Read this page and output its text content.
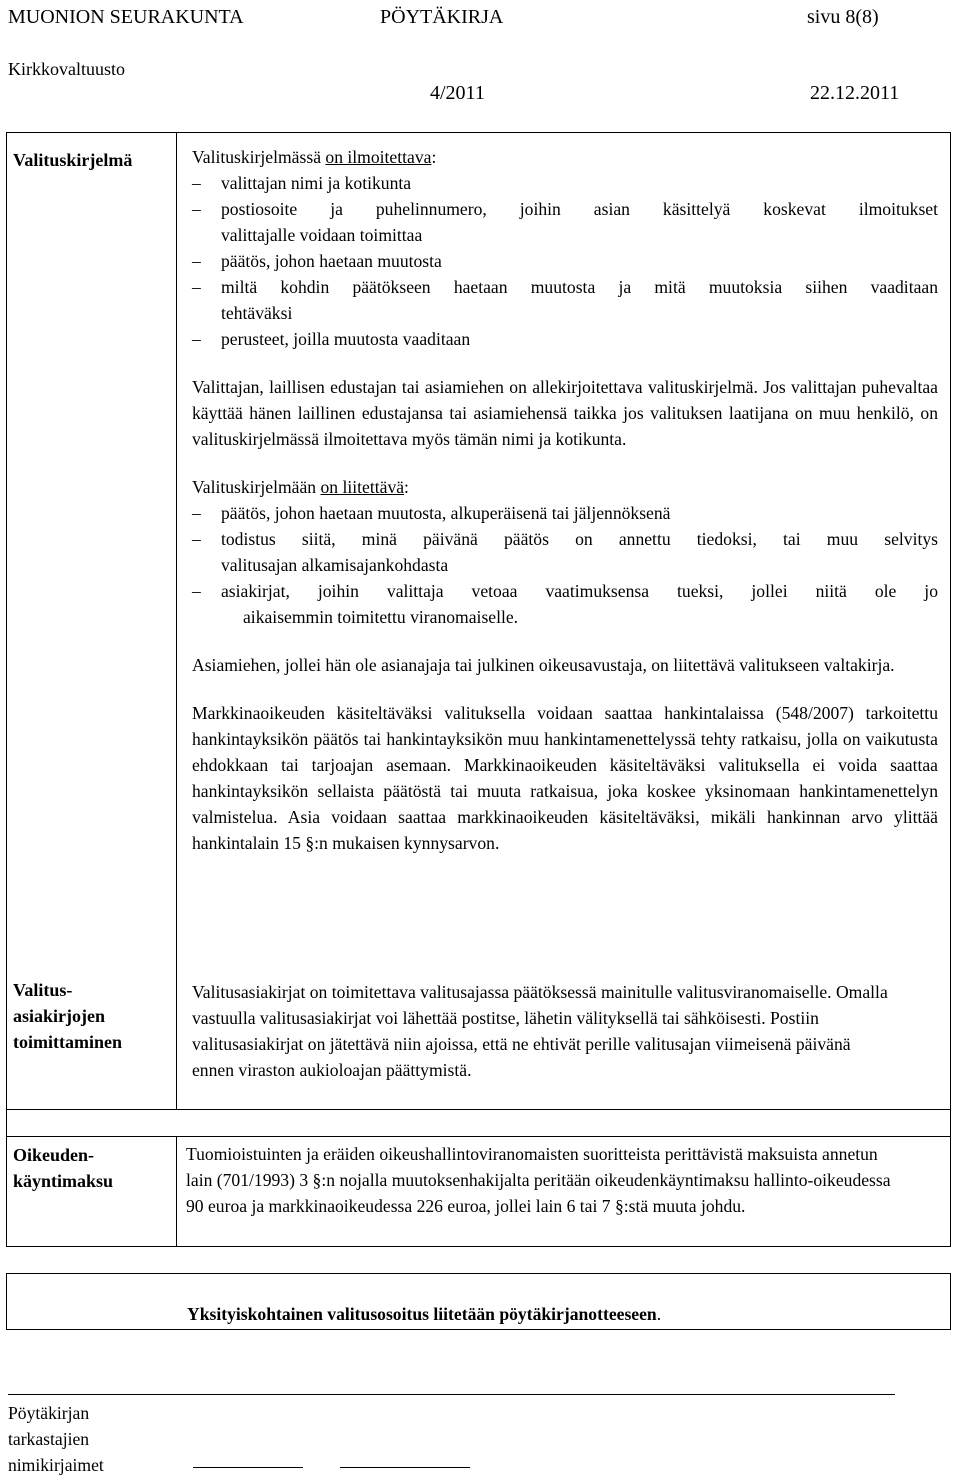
MUONION SEURAKUNTA	PÖYTÄKIRJA	sivu 8(8)
Kirkkovaltuusto
4/2011	22.12.2011
Valituskirjelmä	Valituskirjelmässä on ilmoitettava:
– valittajan nimi ja kotikunta
– postiosoite ja puhelinnumero, joihin asian käsittelyä koskevat ilmoitukset
valittajalle voidaan toimittaa
– päätös, johon haetaan muutosta
– miltä kohdin päätökseen haetaan muutosta ja mitä muutoksia siihen vaaditaan
tehtäväksi
– perusteet, joilla muutosta vaaditaan
Valittajan, laillisen edustajan tai asiamiehen on allekirjoitettava valituskirjelmä. Jos valittajan puhevaltaa käyttää hänen laillinen edustajansa tai asiamiehensä taikka jos valituksen laatijana on muu henkilö, on valituskirjelmässä ilmoitettava myös tämän nimi ja kotikunta.
Valituskirjelmään on liitettävä:
– päätös, johon haetaan muutosta, alkuperäisenä tai jäljennöksenä
– todistus siitä, minä päivänä päätös on annettu tiedoksi, tai muu selvitys
valitusajan alkamisajankohdasta
– asiakirjat, joihin valittaja vetoaa vaatimuksensa tueksi, jollei niitä ole jo
aikaisemmin toimitettu viranomaiselle.
Asiamiehen, jollei hän ole asianajaja tai julkinen oikeusavustaja, on liitettävä valitukseen valtakirja.
Markkinaoikeuden käsiteltäväksi valituksella voidaan saattaa hankintalaissa (548/2007) tarkoitettu hankintayksikön päätös tai hankintayksikön muu hankintamenettelyssä tehty ratkaisu, jolla on vaikutusta ehdokkaan tai tarjoajan asemaan. Markkinaoikeuden käsiteltäväksi valituksella ei voida saattaa hankintayksikön sellaista päätöstä tai muuta ratkaisua, joka koskee yksinomaan hankintamenettelyn valmistelua. Asia voidaan saattaa markkinaoikeuden käsiteltäväksi, mikäli hankinnan arvo ylittää hankintalain 15 §:n mukaisen kynnysarvon.
Valitus-
asiakirjojen
toimittaminen
Valitusasiakirjat on toimitettava valitusajassa päätöksessä mainitulle valitusviranomaiselle. Omalla vastuulla valitusasiakirjat voi lähettää postitse, lähetin välityksellä tai sähköisesti. Postiin valitusasiakirjat on jätettävä niin ajoissa, että ne ehtivät perille valitusajan viimeisenä päivänä ennen viraston aukioloajan päättymistä.
Oikeuden-
käyntimaksu
Tuomioistuinten ja eräiden oikeushallintoviranomaisten suoritteista perittävistä maksuista annetun lain (701/1993) 3 §:n nojalla muutoksenhakijalta peritään oikeudenkäyntimaksu hallinto-oikeudessa 90 euroa ja markkinaoikeudessa 226 euroa, jollei lain 6 tai 7 §:stä muuta johdu.
Yksityiskohtainen valitusosoitus liitetään pöytäkirjanotteeseen.
Pöytäkirjan
tarkastajien
nimikirjaimet
